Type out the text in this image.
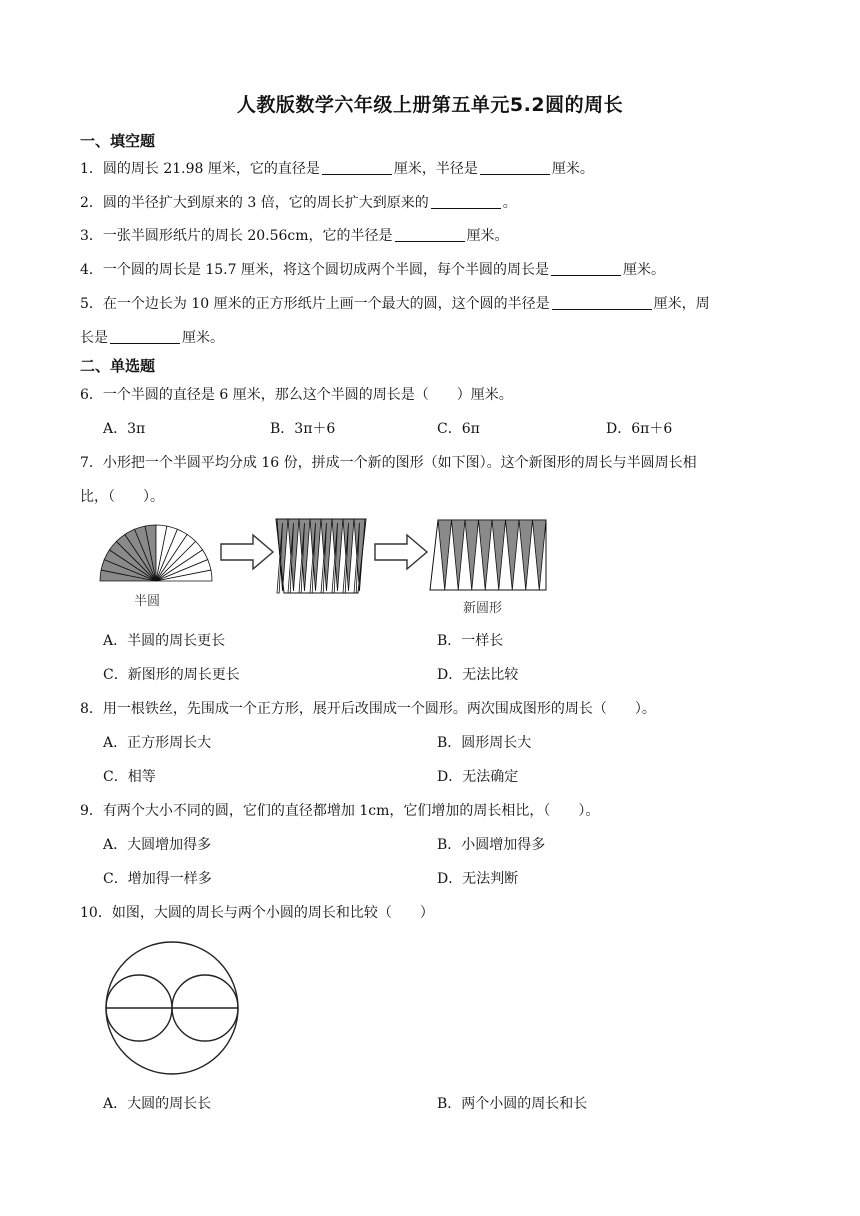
人教版数学六年级上册第五单元5.2圆的周长
一、填空题
1．圆的周长 21.98 厘米，它的直径是	厘米，半径是	厘米。
2．圆的半径扩大到原来的 3 倍，它的周长扩大到原来的	。
3．一张半圆形纸片的周长 20.56cm，它的半径是	厘米。
4．一个圆的周长是 15.7 厘米，将这个圆切成两个半圆，每个半圆的周长是	厘米。
5．在一个边长为 10 厘米的正方形纸片上画一个最大的圆，这个圆的半径是	厘米，周
长是	厘米。
二、单选题
6．一个半圆的直径是 6 厘米，那么这个半圆的周长是（　　）厘米。
A．3π	B．3π＋6	C．6π	D．6π＋6
7．小形把一个半圆平均分成 16 份，拼成一个新的图形（如下图）。这个新图形的周长与半圆周长相
比，（　　）。
半圆	新圆形
A．半圆的周长更长	B．一样长
C．新图形的周长更长	D．无法比较
8．用一根铁丝，先围成一个正方形，展开后改围成一个圆形。两次围成图形的周长（　　）。
A．正方形周长大	B．圆形周长大
C．相等	D．无法确定
9．有两个大小不同的圆，它们的直径都增加 1cm，它们增加的周长相比，（　　）。
A．大圆增加得多	B．小圆增加得多
C．增加得一样多	D．无法判断
10．如图，大圆的周长与两个小圆的周长和比较（　　）
A．大圆的周长长	B．两个小圆的周长和长
